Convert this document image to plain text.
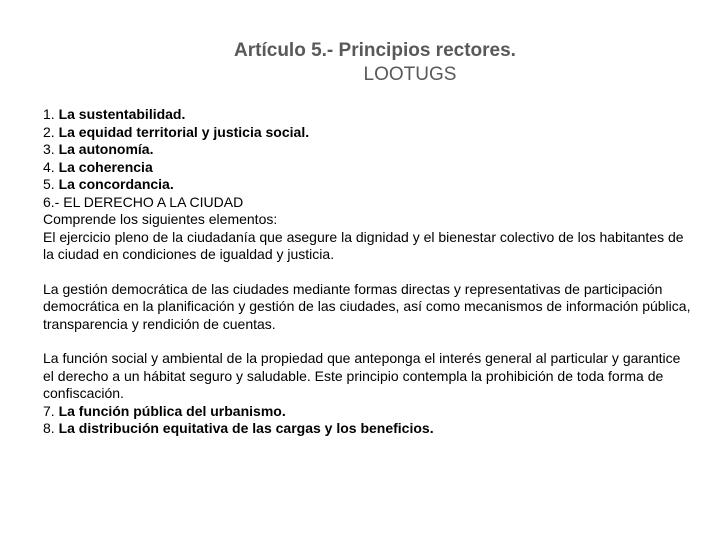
Artículo 5.- Principios rectores.
LOOTUGS
1. La sustentabilidad.
2. La equidad territorial y justicia social.
3. La autonomía.
4. La coherencia
5. La concordancia.
6.- EL DERECHO A LA CIUDAD
Comprende los siguientes elementos:
El ejercicio pleno de la ciudadanía que asegure la dignidad y el bienestar colectivo de los habitantes de la ciudad en condiciones de igualdad y justicia.
La gestión democrática de las ciudades mediante formas directas y representativas de participación democrática en la planificación y gestión de las ciudades, así como mecanismos de información pública, transparencia y rendición de cuentas.
La función social y ambiental de la propiedad que anteponga el interés general al particular y garantice el derecho a un hábitat seguro y saludable. Este principio contempla la prohibición de toda forma de confiscación.
7. La función pública del urbanismo.
8. La distribución equitativa de las cargas y los beneficios.
